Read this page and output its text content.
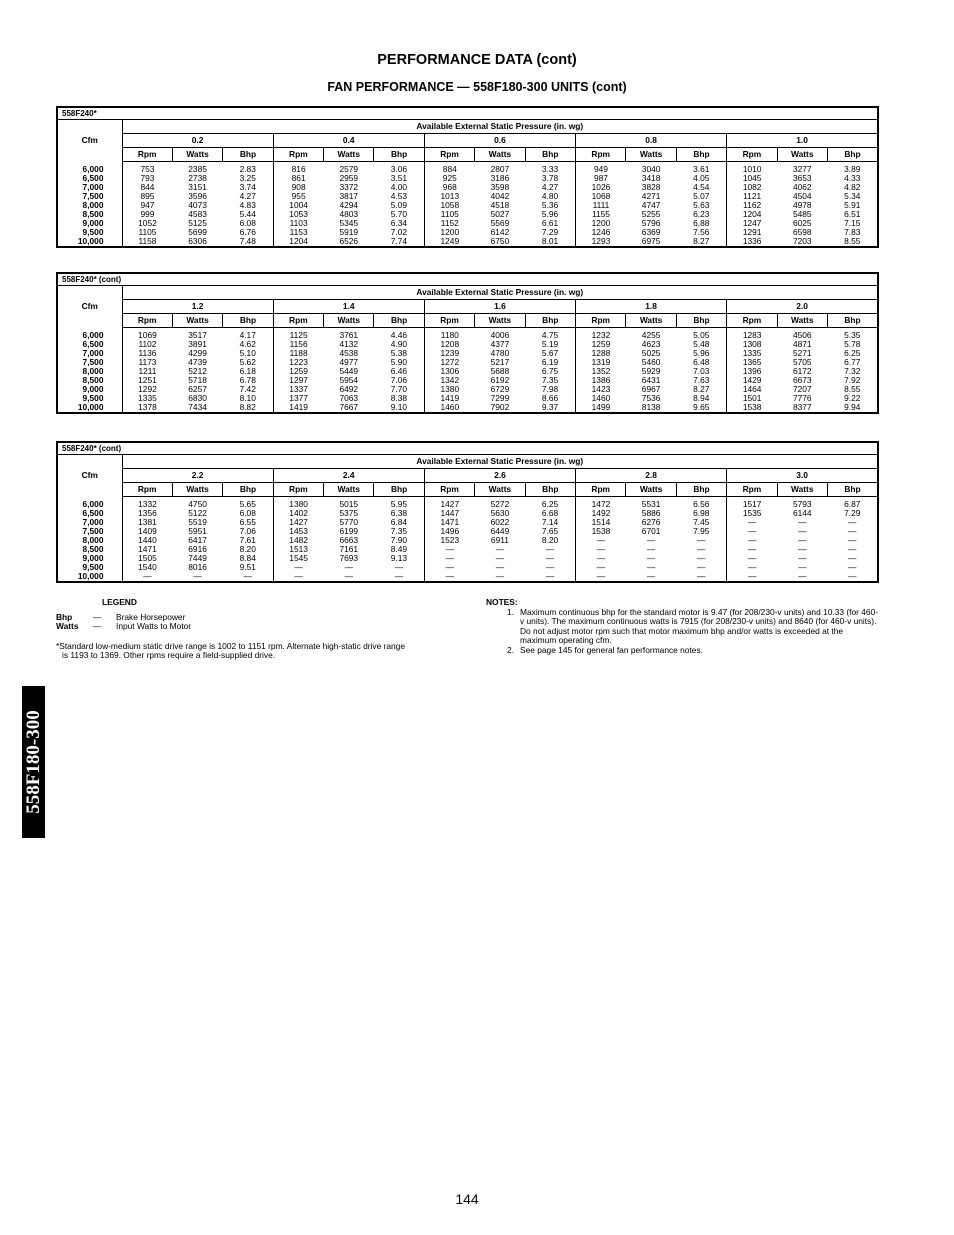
PERFORMANCE DATA (cont)
FAN PERFORMANCE — 558F180-300 UNITS (cont)
558F240*															
Cfm	Available External Static Pressure (in. wg)														
	0.2			0.4			0.6			0.8			1.0		
	Rpm	Watts	Bhp	Rpm	Watts	Bhp	Rpm	Watts	Bhp	Rpm	Watts	Bhp	Rpm	Watts	Bhp
6,000	753	2385	2.83	816	2579	3.06	884	2807	3.33	949	3040	3.61	1010	3277	3.89
6,500	793	2738	3.25	861	2959	3.51	925	3186	3.78	987	3418	4.05	1045	3653	4.33
7,000	844	3151	3.74	908	3372	4.00	968	3598	4.27	1026	3828	4.54	1082	4062	4.82
7,500	895	3596	4.27	955	3817	4.53	1013	4042	4.80	1068	4271	5.07	1121	4504	5.34
8,000	947	4073	4.83	1004	4294	5.09	1058	4518	5.36	1111	4747	5.63	1162	4978	5.91
8,500	999	4583	5.44	1053	4803	5.70	1105	5027	5.96	1155	5255	6.23	1204	5485	6.51
9,000	1052	5125	6.08	1103	5345	6.34	1152	5569	6.61	1200	5796	6.88	1247	6025	7.15
9,500	1105	5699	6.76	1153	5919	7.02	1200	6142	7.29	1246	6369	7.56	1291	6598	7.83
10,000	1158	6306	7.48	1204	6526	7.74	1249	6750	8.01	1293	6975	8.27	1336	7203	8.55
558F240* (cont)															
Cfm	Available External Static Pressure (in. wg)														
	1.2			1.4			1.6			1.8			2.0		
	Rpm	Watts	Bhp	Rpm	Watts	Bhp	Rpm	Watts	Bhp	Rpm	Watts	Bhp	Rpm	Watts	Bhp
6,000	1069	3517	4.17	1125	3761	4.46	1180	4006	4.75	1232	4255	5.05	1283	4506	5.35
6,500	1102	3891	4.62	1156	4132	4.90	1208	4377	5.19	1259	4623	5.48	1308	4871	5.78
7,000	1136	4299	5.10	1188	4538	5.38	1239	4780	5.67	1288	5025	5.96	1335	5271	6.25
7,500	1173	4739	5.62	1223	4977	5.90	1272	5217	6.19	1319	5460	6.48	1365	5705	6.77
8,000	1211	5212	6.18	1259	5449	6.46	1306	5688	6.75	1352	5929	7.03	1396	6172	7.32
8,500	1251	5718	6.78	1297	5954	7.06	1342	6192	7.35	1386	6431	7.63	1429	6673	7.92
9,000	1292	6257	7.42	1337	6492	7.70	1380	6729	7.98	1423	6967	8.27	1464	7207	8.55
9,500	1335	6830	8.10	1377	7063	8.38	1419	7299	8.66	1460	7536	8.94	1501	7776	9.22
10,000	1378	7434	8.82	1419	7667	9.10	1460	7902	9.37	1499	8138	9.65	1538	8377	9.94
558F240* (cont)															
Cfm	Available External Static Pressure (in. wg)														
	2.2			2.4			2.6			2.8			3.0		
	Rpm	Watts	Bhp	Rpm	Watts	Bhp	Rpm	Watts	Bhp	Rpm	Watts	Bhp	Rpm	Watts	Bhp
6,000	1332	4750	5.65	1380	5015	5.95	1427	5272	6.25	1472	5531	6.56	1517	5793	6.87
6,500	1356	5122	6.08	1402	5375	6.38	1447	5630	6.68	1492	5886	6.98	1535	6144	7.29
7,000	1381	5519	6.55	1427	5770	6.84	1471	6022	7.14	1514	6276	7.45	—	—	—
7,500	1409	5951	7.06	1453	6199	7.35	1496	6449	7.65	1538	6701	7.95	—	—	—
8,000	1440	6417	7.61	1482	6663	7.90	1523	6911	8.20	—	—	—	—	—	—
8,500	1471	6916	8.20	1513	7161	8.49	—	—	—	—	—	—	—	—	—
9,000	1505	7449	8.84	1545	7693	9.13	—	—	—	—	—	—	—	—	—
9,500	1540	8016	9.51	—	—	—	—	—	—	—	—	—	—	—	—
10,000	—	—	—	—	—	—	—	—	—	—	—	—	—	—	—
LEGEND
Bhp	—	Brake Horsepower
Watts	—	Input Watts to Motor
*Standard low-medium static drive range is 1002 to 1151 rpm. Alternate high-static drive range
is 1193 to 1369. Other rpms require a field-supplied drive.
NOTES:
1. Maximum continuous bhp for the standard motor is 9.47 (for 208/230-v units) and 10.33 (for 460-v units). The maximum continuous watts is 7915 (for 208/230-v units) and 8640 (for 460-v units). Do not adjust motor rpm such that motor maximum bhp and/or watts is exceeded at the maximum operating cfm.
2. See page 145 for general fan performance notes.
558F180-300
144
